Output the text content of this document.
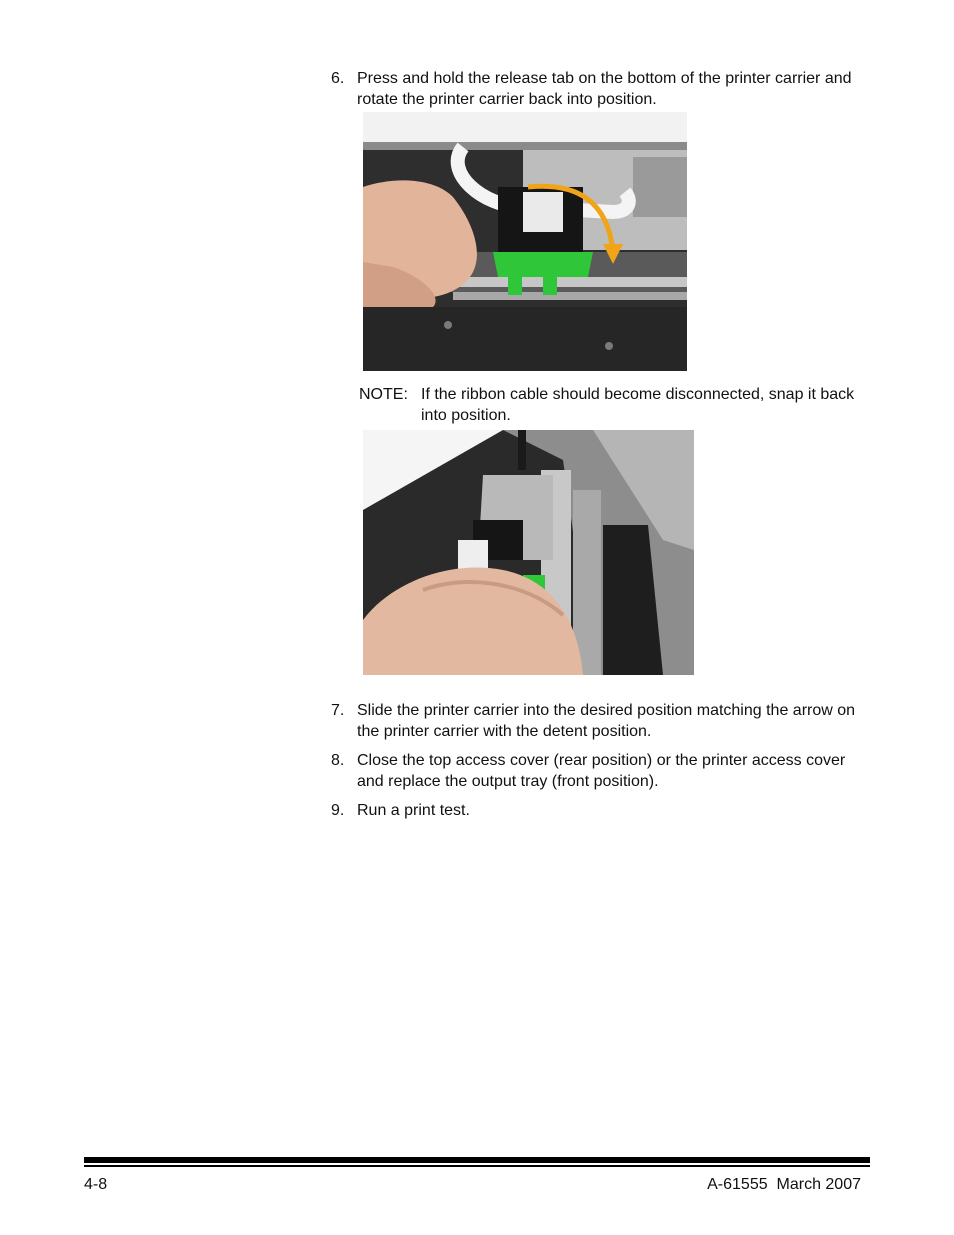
6. Press and hold the release tab on the bottom of the printer carrier and rotate the printer carrier back into position.
NOTE: If the ribbon cable should become disconnected, snap it back into position.
7. Slide the printer carrier into the desired position matching the arrow on the printer carrier with the detent position.
8. Close the top access cover (rear position) or the printer access cover and replace the output tray (front position).
9. Run a print test.
4-8	A-61555  March 2007
